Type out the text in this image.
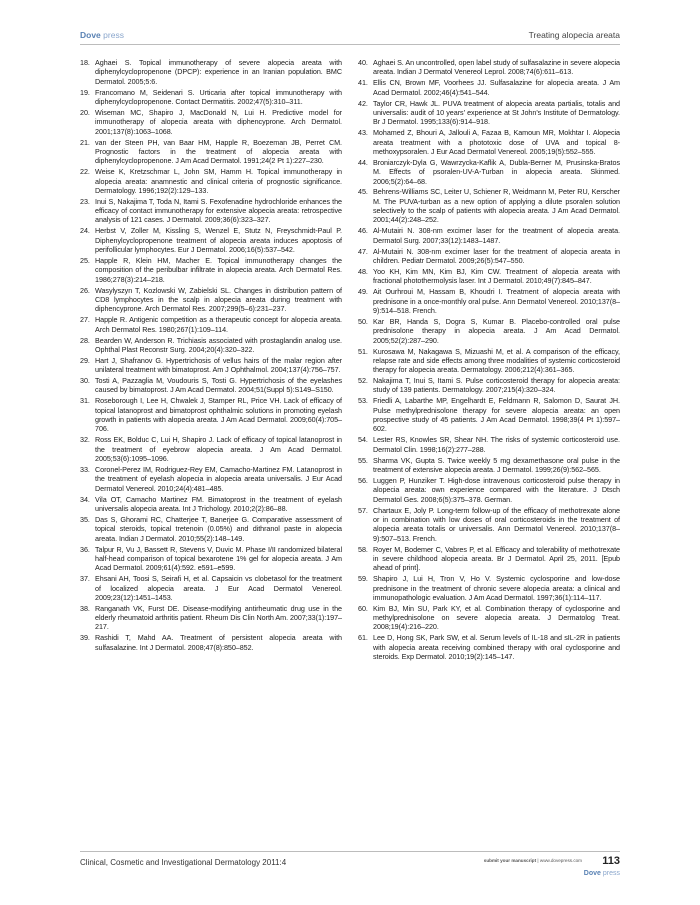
Dove press	Treating alopecia areata
18. Aghaei S. Topical immunotherapy of severe alopecia areata with diphenylcyclopropenone (DPCP): experience in an Iranian population. BMC Dermatol. 2005;5:6.
19. Francomano M, Seidenari S. Urticaria after topical immunotherapy with diphenylcyclopropenone. Contact Dermatitis. 2002;47(5):310–311.
20. Wiseman MC, Shapiro J, MacDonald N, Lui H. Predictive model for immunotherapy of alopecia areata with diphencyprone. Arch Dermatol. 2001;137(8):1063–1068.
21. van der Steen PH, van Baar HM, Happle R, Boezeman JB, Perret CM. Prognostic factors in the treatment of alopecia areata with diphenylcyclopropenone. J Am Acad Dermatol. 1991;24(2 Pt 1):227–230.
22. Weise K, Kretzschmar L, John SM, Hamm H. Topical immunotherapy in alopecia areata: anamnestic and clinical criteria of prognostic significance. Dermatology. 1996;192(2):129–133.
23. Inui S, Nakajima T, Toda N, Itami S. Fexofenadine hydrochloride enhances the efficacy of contact immunotherapy for extensive alopecia areata: retrospective analysis of 121 cases. J Dermatol. 2009;36(6):323–327.
24. Herbst V, Zoller M, Kissling S, Wenzel E, Stutz N, Freyschmidt-Paul P. Diphenylcyclopropenone treatment of alopecia areata induces apoptosis of perifollicular lymphocytes. Eur J Dermatol. 2006;16(5):537–542.
25. Happle R, Klein HM, Macher E. Topical immunotherapy changes the composition of the peribulbar infiltrate in alopecia areata. Arch Dermatol Res. 1986;278(3):214–218.
26. Wasylyszyn T, Kozlowski W, Zabielski SL. Changes in distribution pattern of CD8 lymphocytes in the scalp in alopecia areata during treatment with diphencyprone. Arch Dermatol Res. 2007;299(5–6):231–237.
27. Happle R. Antigenic competition as a therapeutic concept for alopecia areata. Arch Dermatol Res. 1980;267(1):109–114.
28. Bearden W, Anderson R. Trichiasis associated with prostaglandin analog use. Ophthal Plast Reconstr Surg. 2004;20(4):320–322.
29. Hart J, Shafranov G. Hypertrichosis of vellus hairs of the malar region after unilateral treatment with bimatoprost. Am J Ophthalmol. 2004;137(4):756–757.
30. Tosti A, Pazzaglia M, Voudouris S, Tosti G. Hypertrichosis of the eyelashes caused by bimatoprost. J Am Acad Dermatol. 2004;51(Suppl 5):S149–S150.
31. Roseborough I, Lee H, Chwalek J, Stamper RL, Price VH. Lack of efficacy of topical latanoprost and bimatoprost ophthalmic solutions in promoting eyelash growth in patients with alopecia areata. J Am Acad Dermatol. 2009;60(4):705–706.
32. Ross EK, Bolduc C, Lui H, Shapiro J. Lack of efficacy of topical latanoprost in the treatment of eyebrow alopecia areata. J Am Acad Dermatol. 2005;53(6):1095–1096.
33. Coronel-Perez IM, Rodriguez-Rey EM, Camacho-Martinez FM. Latanoprost in the treatment of eyelash alopecia in alopecia areata universalis. J Eur Acad Dermatol Venereol. 2010;24(4):481–485.
34. Vila OT, Camacho Martinez FM. Bimatoprost in the treatment of eyelash universalis alopecia areata. Int J Trichology. 2010;2(2):86–88.
35. Das S, Ghorami RC, Chatterjee T, Banerjee G. Comparative assessment of topical steroids, topical tretenoin (0.05%) and dithranol paste in alopecia areata. Indian J Dermatol. 2010;55(2):148–149.
36. Talpur R, Vu J, Bassett R, Stevens V, Duvic M. Phase I/II randomized bilateral half-head comparison of topical bexarotene 1% gel for alopecia areata. J Am Acad Dermatol. 2009;61(4):592. e591–e599.
37. Ehsani AH, Toosi S, Seirafi H, et al. Capsaicin vs clobetasol for the treatment of localized alopecia areata. J Eur Acad Dermatol Venereol. 2009;23(12):1451–1453.
38. Ranganath VK, Furst DE. Disease-modifying antirheumatic drug use in the elderly rheumatoid arthritis patient. Rheum Dis Clin North Am. 2007;33(1):197–217.
39. Rashidi T, Mahd AA. Treatment of persistent alopecia areata with sulfasalazine. Int J Dermatol. 2008;47(8):850–852.
40. Aghaei S. An uncontrolled, open label study of sulfasalazine in severe alopecia areata. Indian J Dermatol Venereol Leprol. 2008;74(6):611–613.
41. Ellis CN, Brown MF, Voorhees JJ. Sulfasalazine for alopecia areata. J Am Acad Dermatol. 2002;46(4):541–544.
42. Taylor CR, Hawk JL. PUVA treatment of alopecia areata partialis, totalis and universalis: audit of 10 years' experience at St John's Institute of Dermatology. Br J Dermatol. 1995;133(6):914–918.
43. Mohamed Z, Bhouri A, Jallouli A, Fazaa B, Kamoun MR, Mokhtar I. Alopecia areata treatment with a phototoxic dose of UVA and topical 8-methoxypsoralen. J Eur Acad Dermatol Venereol. 2005;19(5):552–555.
44. Broniarczyk-Dyla G, Wawrzycka-Kaflik A, Dubla-Berner M, Prusinska-Bratos M. Effects of psoralen-UV-A-Turban in alopecia areata. Skinmed. 2006;5(2):64–68.
45. Behrens-Williams SC, Leiter U, Schiener R, Weidmann M, Peter RU, Kerscher M. The PUVA-turban as a new option of applying a dilute psoralen solution selectively to the scalp of patients with alopecia areata. J Am Acad Dermatol. 2001;44(2):248–252.
46. Al-Mutairi N. 308-nm excimer laser for the treatment of alopecia areata. Dermatol Surg. 2007;33(12):1483–1487.
47. Al-Mutairi N. 308-nm excimer laser for the treatment of alopecia areata in children. Pediatr Dermatol. 2009;26(5):547–550.
48. Yoo KH, Kim MN, Kim BJ, Kim CW. Treatment of alopecia areata with fractional photothermolysis laser. Int J Dermatol. 2010;49(7):845–847.
49. Ait Ourhroui M, Hassam B, Khoudri I. Treatment of alopecia areata with prednisone in a once-monthly oral pulse. Ann Dermatol Venereol. 2010;137(8–9):514–518. French.
50. Kar BR, Handa S, Dogra S, Kumar B. Placebo-controlled oral pulse prednisolone therapy in alopecia areata. J Am Acad Dermatol. 2005;52(2):287–290.
51. Kurosawa M, Nakagawa S, Mizuashi M, et al. A comparison of the efficacy, relapse rate and side effects among three modalities of systemic corticosteroid therapy for alopecia areata. Dermatology. 2006;212(4):361–365.
52. Nakajima T, Inui S, Itami S. Pulse corticosteroid therapy for alopecia areata: study of 139 patients. Dermatology. 2007;215(4):320–324.
53. Friedli A, Labarthe MP, Engelhardt E, Feldmann R, Salomon D, Saurat JH. Pulse methylprednisolone therapy for severe alopecia areata: an open prospective study of 45 patients. J Am Acad Dermatol. 1998;39(4 Pt 1):597–602.
54. Lester RS, Knowles SR, Shear NH. The risks of systemic corticosteroid use. Dermatol Clin. 1998;16(2):277–288.
55. Sharma VK, Gupta S. Twice weekly 5 mg dexamethasone oral pulse in the treatment of extensive alopecia areata. J Dermatol. 1999;26(9):562–565.
56. Luggen P, Hunziker T. High-dose intravenous corticosteroid pulse therapy in alopecia areata: own experience compared with the literature. J Dtsch Dermatol Ges. 2008;6(5):375–378. German.
57. Chartaux E, Joly P. Long-term follow-up of the efficacy of methotrexate alone or in combination with low doses of oral corticosteroids in the treatment of alopecia areata totalis or universalis. Ann Dermatol Venereol. 2010;137(8–9):507–513. French.
58. Royer M, Bodemer C, Vabres P, et al. Efficacy and tolerability of methotrexate in severe childhood alopecia areata. Br J Dermatol. April 25, 2011. [Epub ahead of print].
59. Shapiro J, Lui H, Tron V, Ho V. Systemic cyclosporine and low-dose prednisone in the treatment of chronic severe alopecia areata: a clinical and immunopathologic evaluation. J Am Acad Dermatol. 1997;36(1):114–117.
60. Kim BJ, Min SU, Park KY, et al. Combination therapy of cyclosporine and methylprednisolone on severe alopecia areata. J Dermatolog Treat. 2008;19(4):216–220.
61. Lee D, Hong SK, Park SW, et al. Serum levels of IL-18 and sIL-2R in patients with alopecia areata receiving combined therapy with oral cyclosporine and steroids. Exp Dermatol. 2010;19(2):145–147.
Clinical, Cosmetic and Investigational Dermatology 2011:4	submit your manuscript | www.dovepress.com 113
Dove press
